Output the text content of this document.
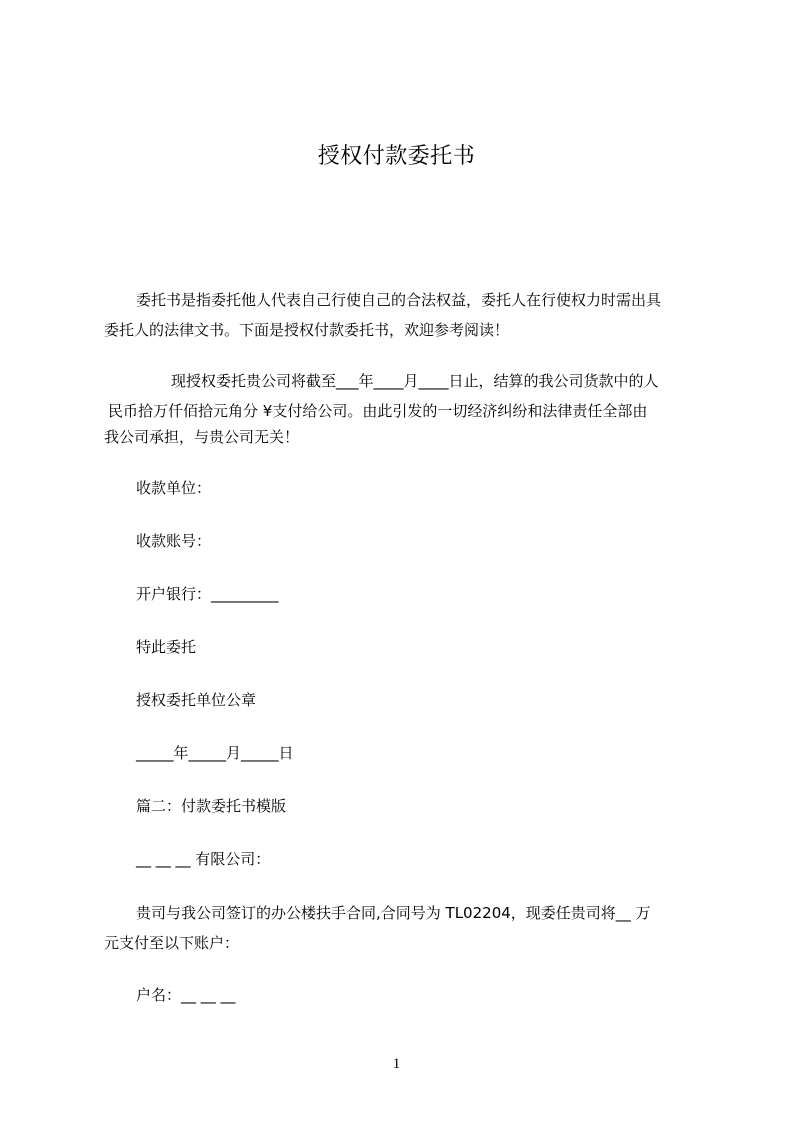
授权付款委托书
委托书是指委托他人代表自己行使自己的合法权益，委托人在行使权力时需出具
委托人的法律文书。下面是授权付款委托书，欢迎参考阅读！
现授权委托贵公司将截至___年____月____日止，结算的我公司货款中的人
民币拾万仟佰拾元角分 ¥支付给公司。由此引发的一切经济纠纷和法律责任全部由
我公司承担，与贵公司无关！
收款单位：
收款账号：
开户银行：_________
特此委托
授权委托单位公章
_____年_____月_____日
篇二：付款委托书模版
__ __ __ 有限公司：
贵司与我公司签订的办公楼扶手合同,合同号为 TL02204，现委任贵司将__ 万
元支付至以下账户：
户名：__ __ __
1
